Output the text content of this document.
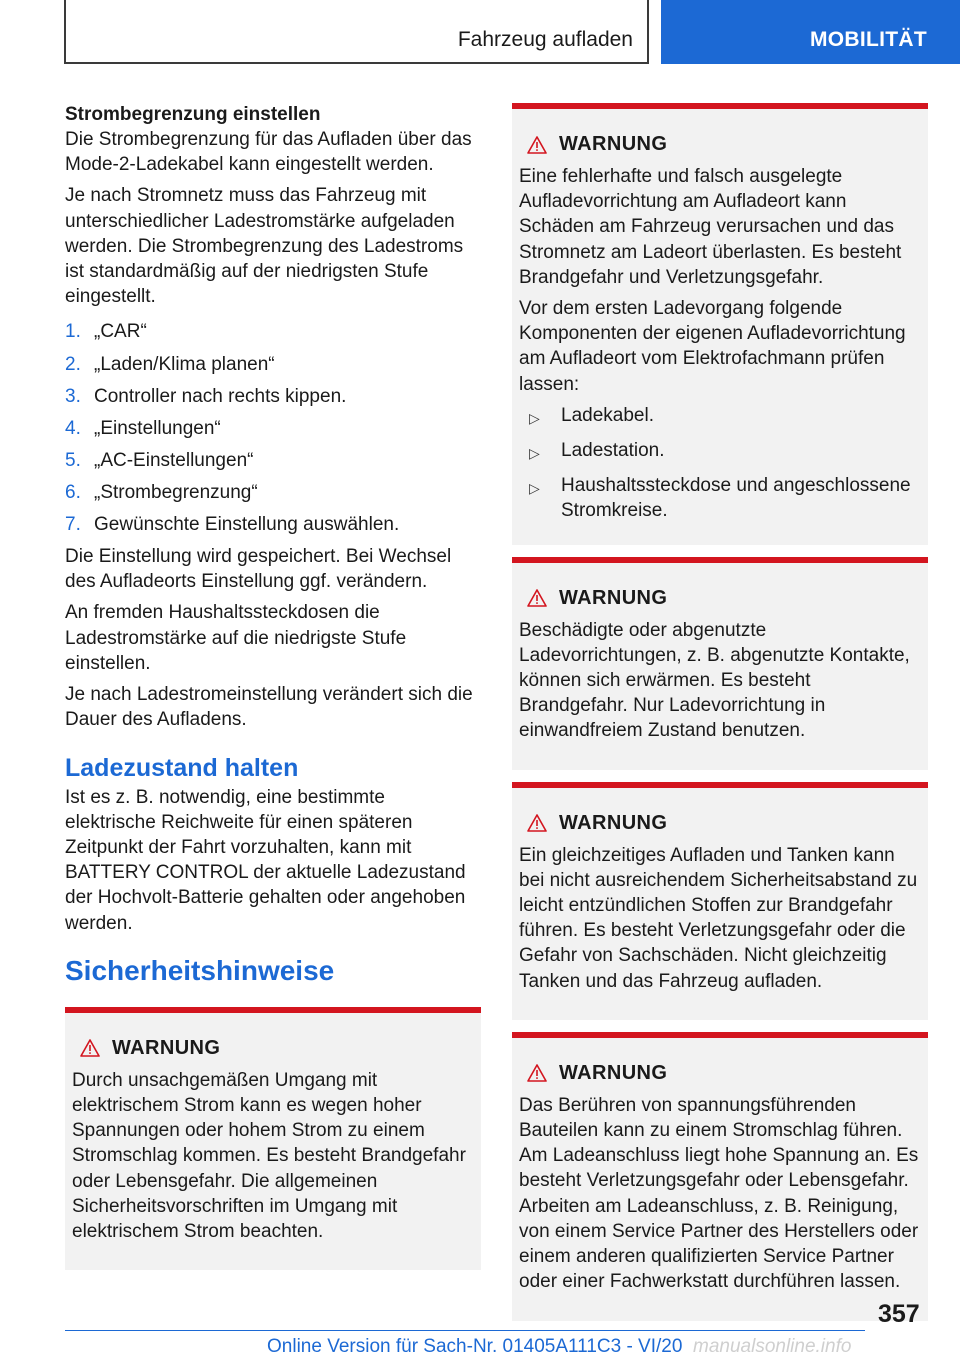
Fahrzeug aufladen	MOBILITÄT
Strombegrenzung einstellen

Die Strombegrenzung für das Aufladen über das Mode-2-Ladekabel kann eingestellt werden.

Je nach Stromnetz muss das Fahrzeug mit unterschiedlicher Ladestromstärke aufgeladen werden. Die Strombegrenzung des Ladestroms ist standardmäßig auf der niedrigsten Stufe eingestellt.

1. „CAR“
2. „Laden/Klima planen“
3. Controller nach rechts kippen.
4. „Einstellungen“
5. „AC-Einstellungen“
6. „Strombegrenzung“
7. Gewünschte Einstellung auswählen.

Die Einstellung wird gespeichert. Bei Wechsel des Aufladeorts Einstellung ggf. verändern.

An fremden Haushaltssteckdosen die Ladestromstärke auf die niedrigste Stufe einstellen.

Je nach Ladestromeinstellung verändert sich die Dauer des Aufladens.

Ladezustand halten

Ist es z. B. notwendig, eine bestimmte elektrische Reichweite für einen späteren Zeitpunkt der Fahrt vorzuhalten, kann mit BATTERY CONTROL der aktuelle Ladezustand der Hochvolt-Batterie gehalten oder angehoben werden.

Sicherheitshinweise
WARNUNG

Durch unsachgemäßen Umgang mit elektrischem Strom kann es wegen hoher Spannungen oder hohem Strom zu einem Stromschlag kommen. Es besteht Brandgefahr oder Lebensgefahr. Die allgemeinen Sicherheitsvorschriften im Umgang mit elektrischem Strom beachten.

WARNUNG

Eine fehlerhafte und falsch ausgelegte Aufladevorrichtung am Aufladeort kann Schäden am Fahrzeug verursachen und das Stromnetz am Ladeort überlasten. Es besteht Brandgefahr und Verletzungsgefahr.

Vor dem ersten Ladevorgang folgende Komponenten der eigenen Aufladevorrichtung am Aufladeort vom Elektrofachmann prüfen lassen:

▷	Ladekabel.
▷	Ladestation.
▷	Haushaltssteckdose und angeschlossene Stromkreise.
WARNUNG

Beschädigte oder abgenutzte Ladevorrichtungen, z. B. abgenutzte Kontakte, können sich erwärmen. Es besteht Brandgefahr. Nur Ladevorrichtung in einwandfreiem Zustand benutzen.

WARNUNG

Ein gleichzeitiges Aufladen und Tanken kann bei nicht ausreichendem Sicherheitsabstand zu leicht entzündlichen Stoffen zur Brandgefahr führen. Es besteht Verletzungsgefahr oder die Gefahr von Sachschäden. Nicht gleichzeitig Tanken und das Fahrzeug aufladen.

WARNUNG

Das Berühren von spannungsführenden Bauteilen kann zu einem Stromschlag führen. Am Ladeanschluss liegt hohe Spannung an. Es besteht Verletzungsgefahr oder Lebensgefahr. Arbeiten am Ladeanschluss, z. B. Reinigung, von einem Service Partner des Herstellers oder einem anderen qualifizierten Service Partner oder einer Fachwerkstatt durchführen lassen.

357
Online Version für Sach-Nr. 01405A111C3 - VI/20 manualsonline.info
